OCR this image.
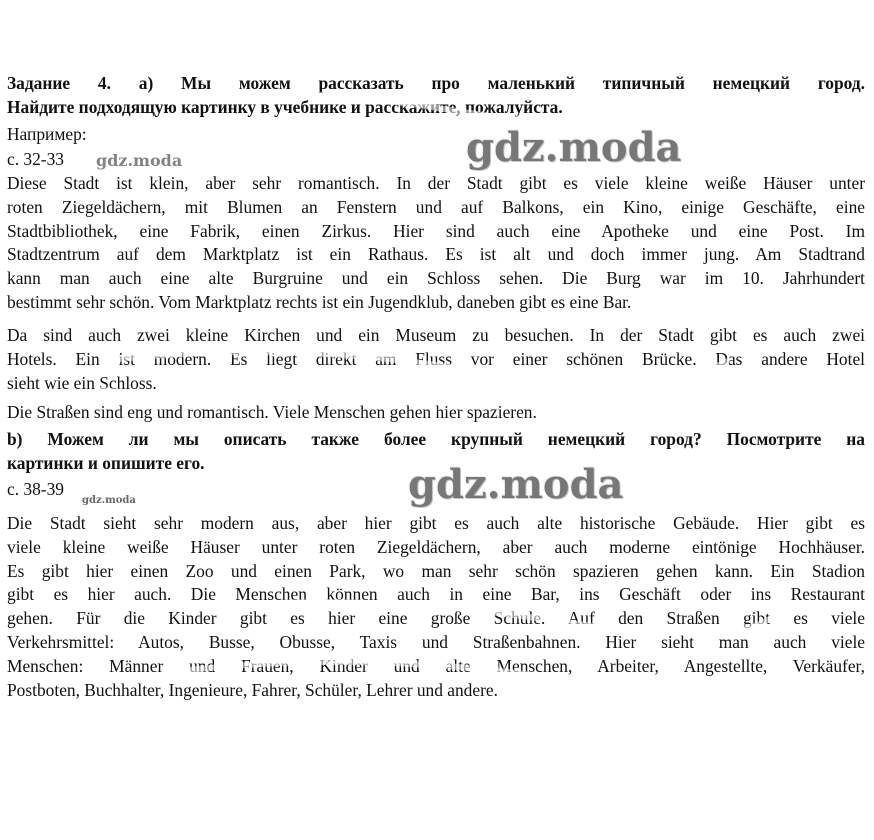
Задание 4. а) Мы можем рассказать про маленький типичный немецкий город.
Найдите подходящую картинку в учебнике и расскажите, пожалуйста.
Например:
с. 32-33
Diese Stadt ist klein, aber sehr romantisch. In der Stadt gibt es viele kleine weiße Häuser unter
roten Ziegeldächern, mit Blumen an Fenstern und auf Balkons, ein Kino, einige Geschäfte, eine
Stadtbibliothek, eine Fabrik, einen Zirkus. Hier sind auch eine Apotheke und eine Post. Im
Stadtzentrum auf dem Marktplatz ist ein Rathaus. Es ist alt und doch immer jung. Am Stadtrand
kann man auch eine alte Burgruine und ein Schloss sehen. Die Burg war im 10. Jahrhundert
bestimmt sehr schön. Vom Marktplatz rechts ist ein Jugendklub, daneben gibt es eine Bar.
Da sind auch zwei kleine Kirchen und ein Museum zu besuchen. In der Stadt gibt es auch zwei
Hotels. Ein ist modern. Es liegt direkt am Fluss vor einer schönen Brücke. Das andere Hotel
sieht wie ein Schloss.
Die Straßen sind eng und romantisch. Viele Menschen gehen hier spazieren.
b) Можем ли мы описать также более крупный немецкий город? Посмотрите на
картинки и опишите его.
с. 38-39
Die Stadt sieht sehr modern aus, aber hier gibt es auch alte historische Gebäude. Hier gibt es
viele kleine weiße Häuser unter roten Ziegeldächern, aber auch moderne eintönige Hochhäuser.
Es gibt hier einen Zoo und einen Park, wo man sehr schön spazieren gehen kann. Ein Stadion
gibt es hier auch. Die Menschen können auch in eine Bar, ins Geschäft oder ins Restaurant
gehen. Für die Kinder gibt es hier eine große Schule. Auf den Straßen gibt es viele
Verkehrsmittel: Autos, Busse, Obusse, Taxis und Straßenbahnen. Hier sieht man auch viele
Menschen: Männer und Frauen, Kinder und alte Menschen, Arbeiter, Angestellte, Verkäufer,
Postboten, Buchhalter, Ingenieure, Fahrer, Schüler, Lehrer und andere.
gdz.moda
gdz.moda
gdz.moda
gdz.moda
